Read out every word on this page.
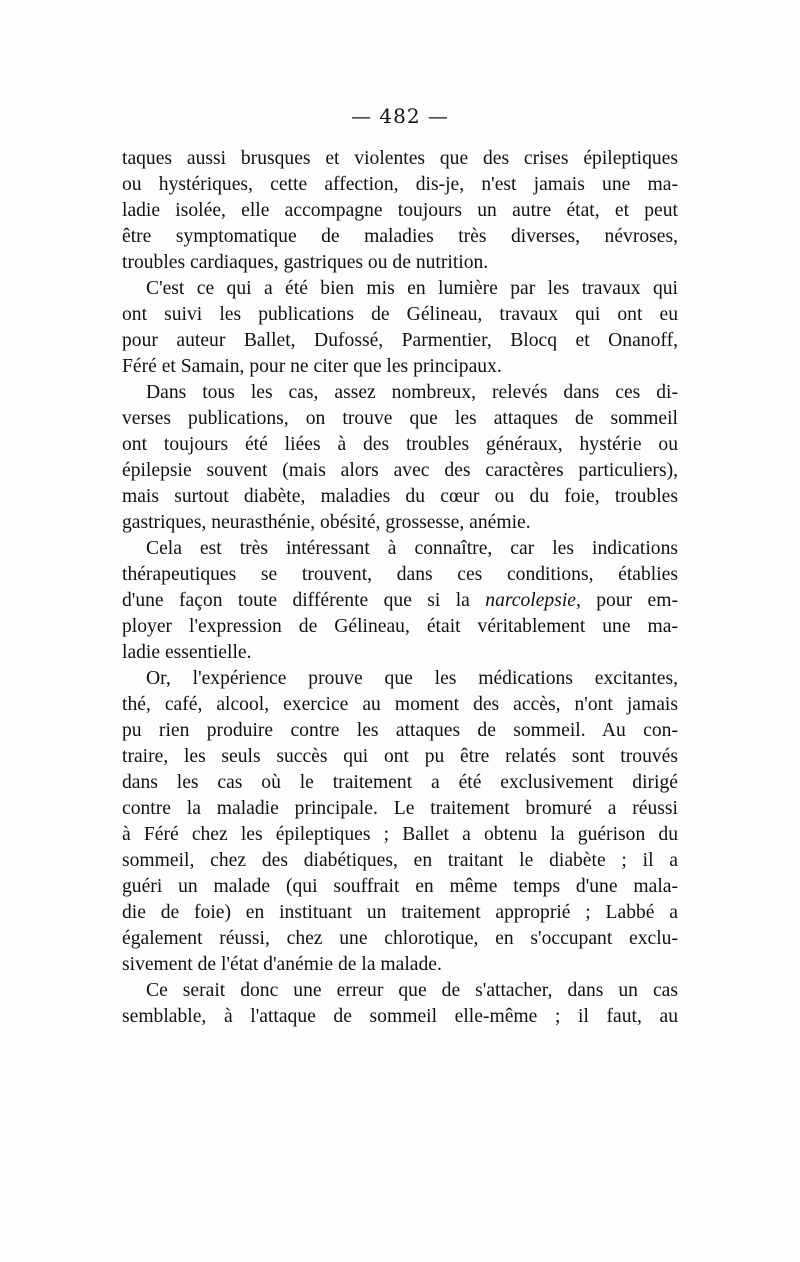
— 482 —

taques aussi brusques et violentes que des crises épileptiques

ou hystériques, cette affection, dis-je, n'est jamais une ma-

ladie isolée, elle accompagne toujours un autre état, et peut

être symptomatique de maladies très diverses, névroses,

troubles cardiaques, gastriques ou de nutrition.

C'est ce qui a été bien mis en lumière par les travaux qui

ont suivi les publications de Gélineau, travaux qui ont eu

pour auteur Ballet, Dufossé, Parmentier, Blocq et Onanoff,

Féré et Samain, pour ne citer que les principaux.

Dans tous les cas, assez nombreux, relevés dans ces di-

verses publications, on trouve que les attaques de sommeil

ont toujours été liées à des troubles généraux, hystérie ou

épilepsie souvent (mais alors avec des caractères particuliers),

mais surtout diabète, maladies du cœur ou du foie, troubles

gastriques, neurasthénie, obésité, grossesse, anémie.

Cela est très intéressant à connaître, car les indications

thérapeutiques se trouvent, dans ces conditions, établies

d'une façon toute différente que si la narcolepsie, pour em-

ployer l'expression de Gélineau, était véritablement une ma-

ladie essentielle.

Or, l'expérience prouve que les médications excitantes,

thé, café, alcool, exercice au moment des accès, n'ont jamais

pu rien produire contre les attaques de sommeil. Au con-

traire, les seuls succès qui ont pu être relatés sont trouvés

dans les cas où le traitement a été exclusivement dirigé

contre la maladie principale. Le traitement bromuré a réussi

à Féré chez les épileptiques ; Ballet a obtenu la guérison du

sommeil, chez des diabétiques, en traitant le diabète ; il a

guéri un malade (qui souffrait en même temps d'une mala-

die de foie) en instituant un traitement approprié ; Labbé a

également réussi, chez une chlorotique, en s'occupant exclu-

sivement de l'état d'anémie de la malade.

Ce serait donc une erreur que de s'attacher, dans un cas

semblable, à l'attaque de sommeil elle-même ; il faut, au
